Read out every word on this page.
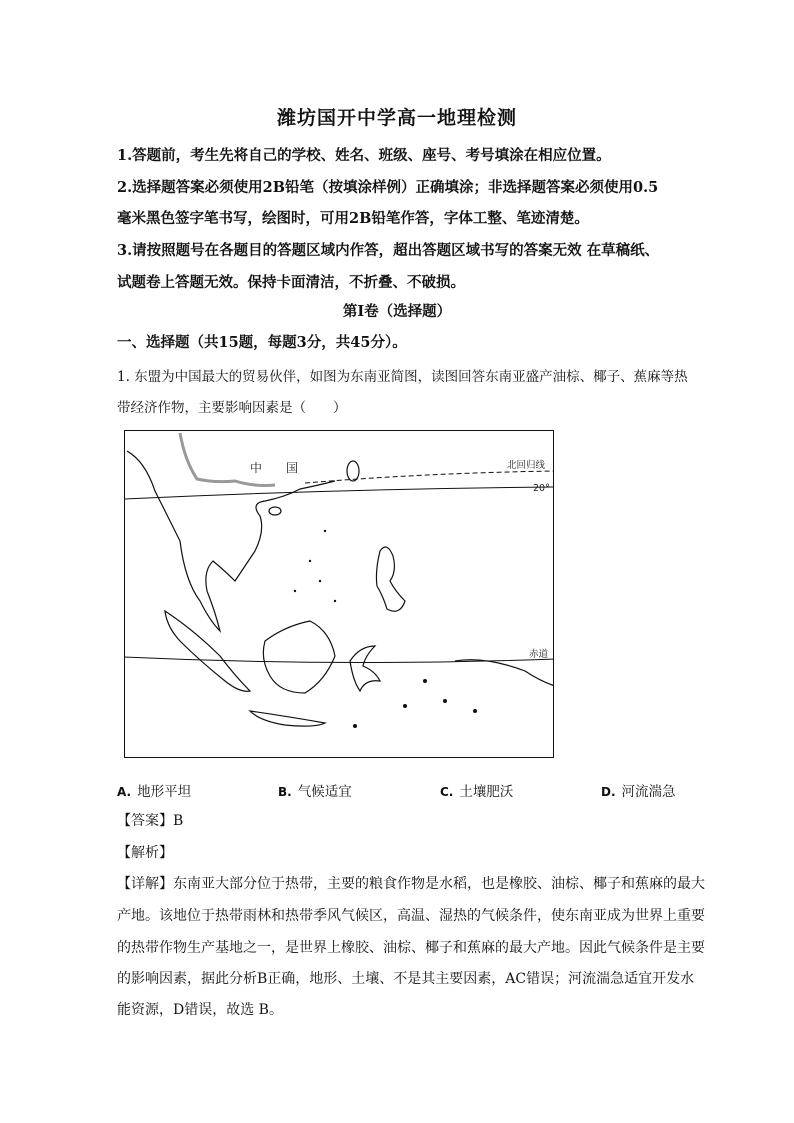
潍坊国开中学高一地理检测
1.答题前，考生先将自己的学校、姓名、班级、座号、考号填涂在相应位置。
2.选择题答案必须使用2B铅笔（按填涂样例）正确填涂；非选择题答案必须使用0.5
毫米黑色签字笔书写，绘图时，可用2B铅笔作答，字体工整、笔迹清楚。
3.请按照题号在各题目的答题区域内作答，超出答题区域书写的答案无效 在草稿纸、
试题卷上答题无效。保持卡面清洁，不折叠、不破损。
第Ⅰ卷（选择题）
一、选择题（共15题，每题3分，共45分）。
1. 东盟为中国最大的贸易伙伴，如图为东南亚简图，读图回答东南亚盛产油棕、椰子、蕉麻等热
带经济作物，主要影响因素是（　　）
中　　国	北回归线
20°
赤道
A. 地形平坦	B. 气候适宜	C. 土壤肥沃	D. 河流湍急
【答案】B
【解析】
【详解】东南亚大部分位于热带，主要的粮食作物是水稻，也是橡胶、油棕、椰子和蕉麻的最大
产地。该地位于热带雨林和热带季风气候区，高温、湿热的气候条件，使东南亚成为世界上重要
的热带作物生产基地之一，是世界上橡胶、油棕、椰子和蕉麻的最大产地。因此气候条件是主要
的影响因素，据此分析B正确，地形、土壤、不是其主要因素，AC错误；河流湍急适宜开发水
能资源，D错误，故选 B。
